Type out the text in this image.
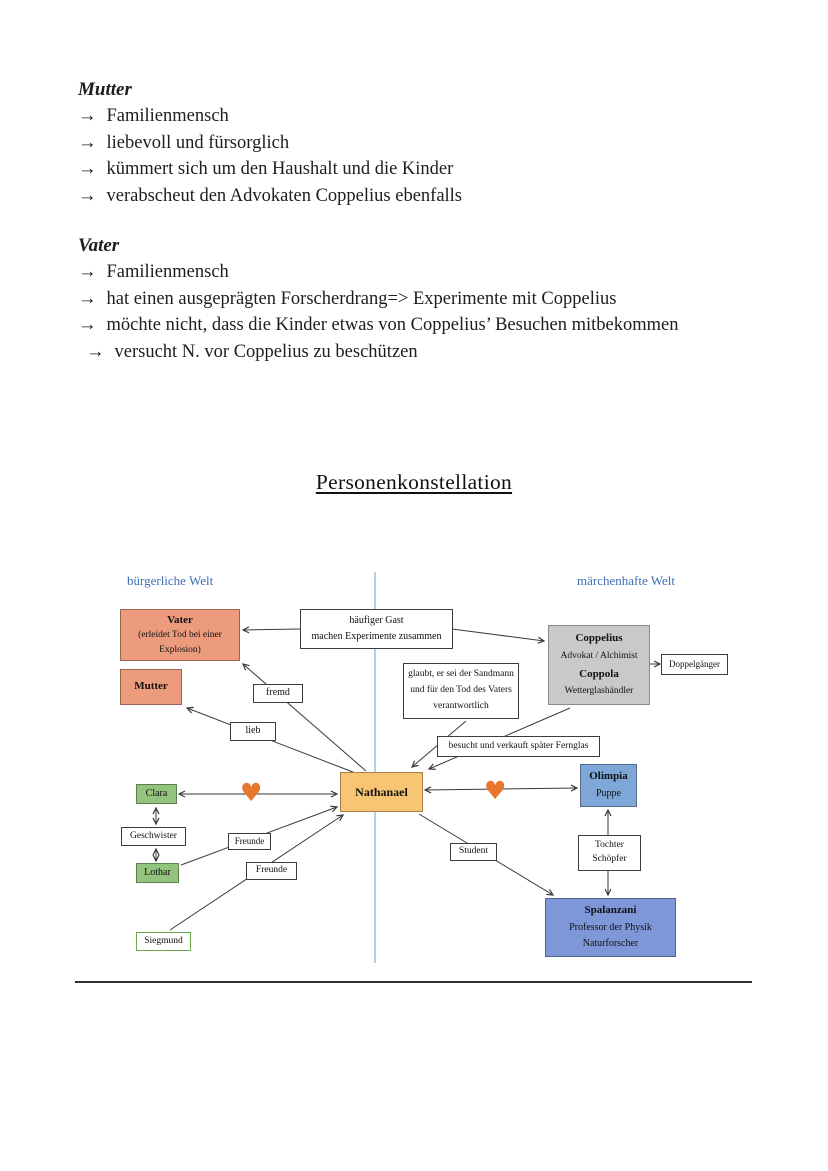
Mutter

→ Familienmensch

→ liebevoll und fürsorglich

→ kümmert sich um den Haushalt und die Kinder

→ verabscheut den Advokaten Coppelius ebenfalls

Vater

→ Familienmensch

→ hat einen ausgeprägten Forscherdrang=> Experimente mit Coppelius

→ möchte nicht, dass die Kinder etwas von Coppelius’ Besuchen mitbekommen

→ versucht N. vor Coppelius zu beschützen

Personenkonstellation
bürgerliche Welt	märchenhafte Welt
Vater
(erleidet Tod bei einer
Explosion)
Mutter
häufiger Gast
machen Experimente zusammen	Coppelius
Advokat / Alchimist
Coppola
Wetterglashändler
Doppelgänger
glaubt, er sei der Sandmann
und für den Tod des Vaters
verantwortlich
fremd
lieb
besucht und verkauft später Fernglas
Nathanael
Olimpia
Puppe
Clara
Geschwister
Lothar
Freunde
Freunde
Student
Tochter
Schöpfer
Spalanzani
Professor der Physik
Naturforscher
Siegmund
♥	♥
